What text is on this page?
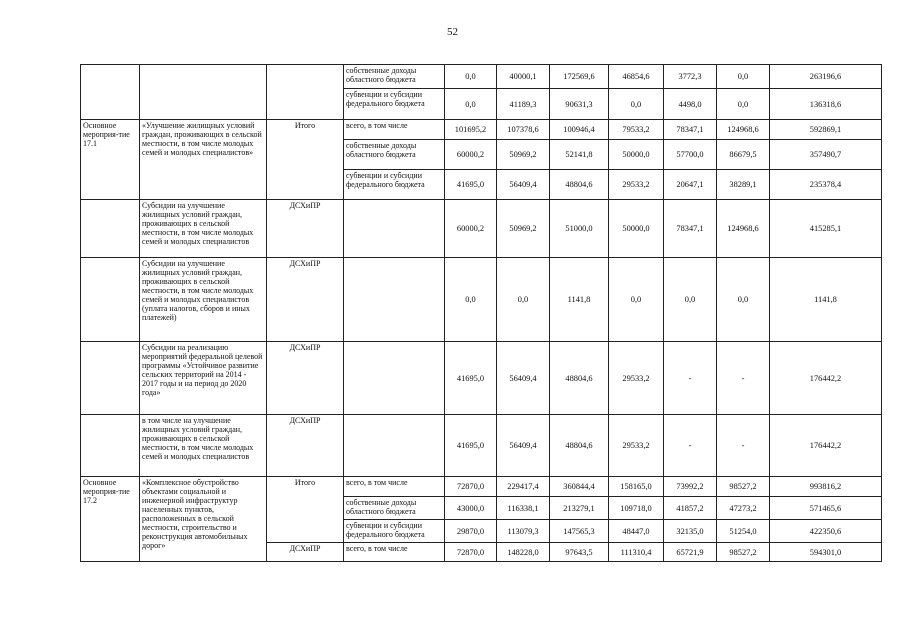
52
			собственные доходы областного бюджета	0,0	40000,1	172569,6	46854,6	3772,3	0,0	263196,6
			субвенции и субсидии федерального бюджета	0,0	41189,3	90631,3	0,0	4498,0	0,0	136318,6
Основное мероприя-тие 17.1	«Улучшение жилищных условий граждан, проживающих в сельской местности, в том числе молодых семей и молодых специалистов»	Итого	всего, в том числе	101695,2	107378,6	100946,4	79533,2	78347,1	124968,6	592869,1
			собственные доходы областного бюджета	60000,2	50969,2	52141,8	50000,0	57700,0	86679,5	357490,7
			субвенции и субсидии федерального бюджета	41695,0	56409,4	48804,6	29533,2	20647,1	38289,1	235378,4
	Субсидии на улучшение жилищных условий граждан, проживающих в сельской местности, в том числе молодых семей и молодых специалистов	ДСХиПР		60000,2	50969,2	51000,0	50000,0	78347,1	124968,6	415285,1
	Субсидии на улучшение жилищных условий граждан, проживающих в сельской местности, в том числе молодых семей и молодых специалистов (уплата налогов, сборов и иных платежей)	ДСХиПР		0,0	0,0	1141,8	0,0	0,0	0,0	1141,8
	Субсидии на реализацию мероприятий федеральной целевой программы «Устойчивое развитие сельских территорий на 2014 - 2017 годы и на период до 2020 года»	ДСХиПР		41695,0	56409,4	48804,6	29533,2	-	-	176442,2
	в том числе на улучшение жилищных условий граждан, проживающих в сельской местности, в том числе молодых семей и молодых специалистов	ДСХиПР		41695,0	56409,4	48804,6	29533,2	-	-	176442,2
Основное мероприя-тие 17.2	«Комплексное обустройство объектами социальной и инженерной инфраструктур населенных пунктов, расположенных в сельской местности, строительство и реконструкция автомобильных дорог»	Итого	всего, в том числе	72870,0	229417,4	360844,4	158165,0	73992,2	98527,2	993816,2
			собственные доходы областного бюджета	43000,0	116338,1	213279,1	109718,0	41857,2	47273,2	571465,6
			субвенции и субсидии федерального бюджета	29870,0	113079,3	147565,3	48447,0	32135,0	51254,0	422350,6
		ДСХиПР	всего, в том числе	72870,0	148228,0	97643,5	111310,4	65721,9	98527,2	594301,0
